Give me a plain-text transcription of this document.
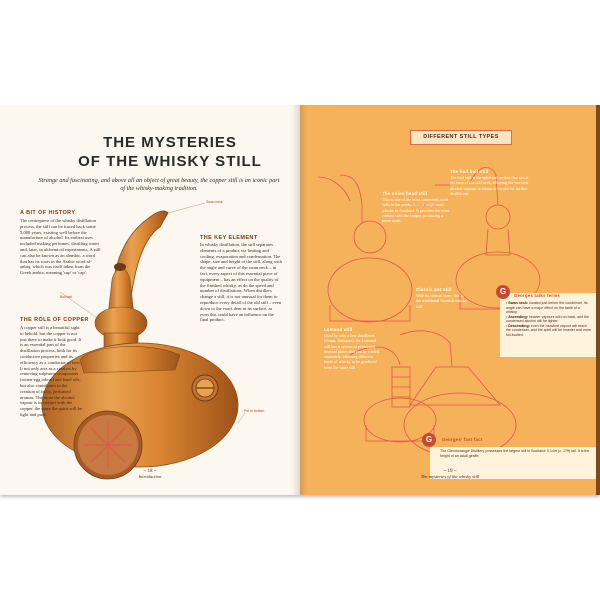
THE MYSTERIES
OF THE WHISKY STILL
Strange and fascinating, and above all an object of great beauty, the copper still is an iconic part of the whisky-making tradition.
A BIT OF HISTORY
The centrepiece of the whisky distillation process, the still can be traced back some 5,000 years, existing well before the manufacture of alcohol. Its earliest uses included making perfumes, distilling water and, later, in alchemical experiments. A still can also be known as an alembic, a word that has its roots in the Arabic word al-anbiq, which was itself taken from the Greek ambix, meaning 'cup' or 'cap'.
THE ROLE OF COPPER
A copper still is a beautiful sight to behold, but the copper is not just there to make it look good. It is an essential part of the distillation process, both for its conductive properties and its efficiency as a conductor of heat. It not only acts as a catalyst by removing sulphuric compounds (rotten-egg odour) and fusel oils, but also contributes to the creation of fruity, perfumed aromas. The more the alcohol vapour is in contact with the copper, the more the spirit will be light and pure.
THE KEY ELEMENT
In whisky distillation, the still separates elements of a product via heating and cooling, evaporation and condensation. The shape, size and height of the still, along with the angle and curve of the swan neck – in fact, every aspect of this essential piece of equipment – has an effect on the quality of the finished whisky, as do the speed and number of distillations. When distillers change a still, it is not unusual for them to reproduce every detail of the old still – even down to the exact dent in its surface, as even this could have an influence on the final product.
Swan neck
Boil ball
Pot or bottom
~ 18 ~
Introduction
DIFFERENT STILL TYPES
The boil ball still
The boil ball is the spherical section that sits at the base of the still neck, allowing the heaviest alcohol vapours to return to the pot for further distillation.
The onion head still
This is one of the most commonly used stills in the production of single malt whisky in Scotland. It provides the most contact with the copper, producing a purer spirit.
Classic pot still
With its conical form, this is the traditional Scottish whisky still.
Lomond still
Used by only a few distilleries (Scapa, Dalmore), the Lomond still has a system of perforated internal plates that can be cooled separately, allowing different kinds of whisky to be produced from the same still.
G	Georges talks terms
• Swan neck: located just before the condenser, its angle can have a major effect on the taste of a whisky.
• Ascending: heavier vapours will run back, and the condensed alcohol will be lighter.
• Descending: even the heaviest vapour will reach the condenser, and the spirit will be heavier and more full-bodied.
G	Georges' fast fact
The Glenmorangie Distillery possesses the largest still in Scotland: 5.14m (c. 17ft) tall. It is the height of an adult giraffe.
~ 19 ~
The mysteries of the whisky still
